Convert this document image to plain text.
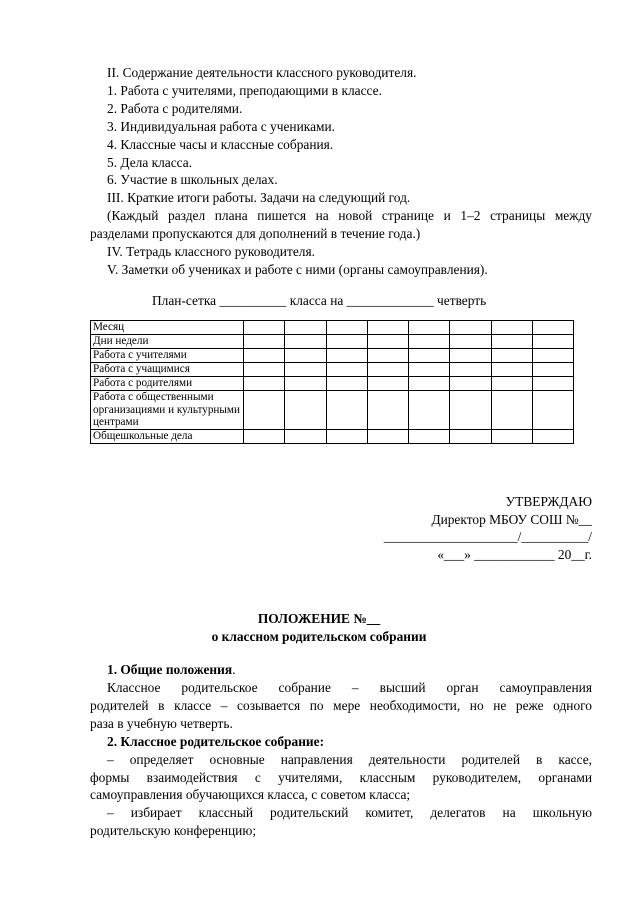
II. Содержание деятельности классного руководителя.
1. Работа с учителями, преподающими в классе.
2. Работа с родителями.
3. Индивидуальная работа с учениками.
4. Классные часы и классные собрания.
5. Дела класса.
6. Участие в школьных делах.
III. Краткие итоги работы. Задачи на следующий год.
(Каждый раздел плана пишется на новой странице и 1–2 страницы между
разделами пропускаются для дополнений в течение года.)
IV. Тетрадь классного руководителя.
V. Заметки об учениках и работе с ними (органы самоуправления).
План-сетка __________ класса на _____________ четверть
Месяц								
Дни недели								
Работа с учителями								
Работа с учащимися								
Работа с родителями								
Работа с общественными организациями и культурными центрами								
Общешкольные дела								
УТВЕРЖДАЮ
Директор МБОУ СОШ №__
____________________/__________/
«___» ____________ 20__г.
ПОЛОЖЕНИЕ №__
о классном родительском собрании
1. Общие положения.
Классное родительское собрание – высший орган самоуправления
родителей в классе – созывается по мере необходимости, но не реже одного
раза в учебную четверть.
2. Классное родительское собрание:
– определяет основные направления деятельности родителей в кассе,
формы взаимодействия с учителями, классным руководителем, органами
самоуправления обучающихся класса, с советом класса;
– избирает классный родительский комитет, делегатов на школьную
родительскую конференцию;
